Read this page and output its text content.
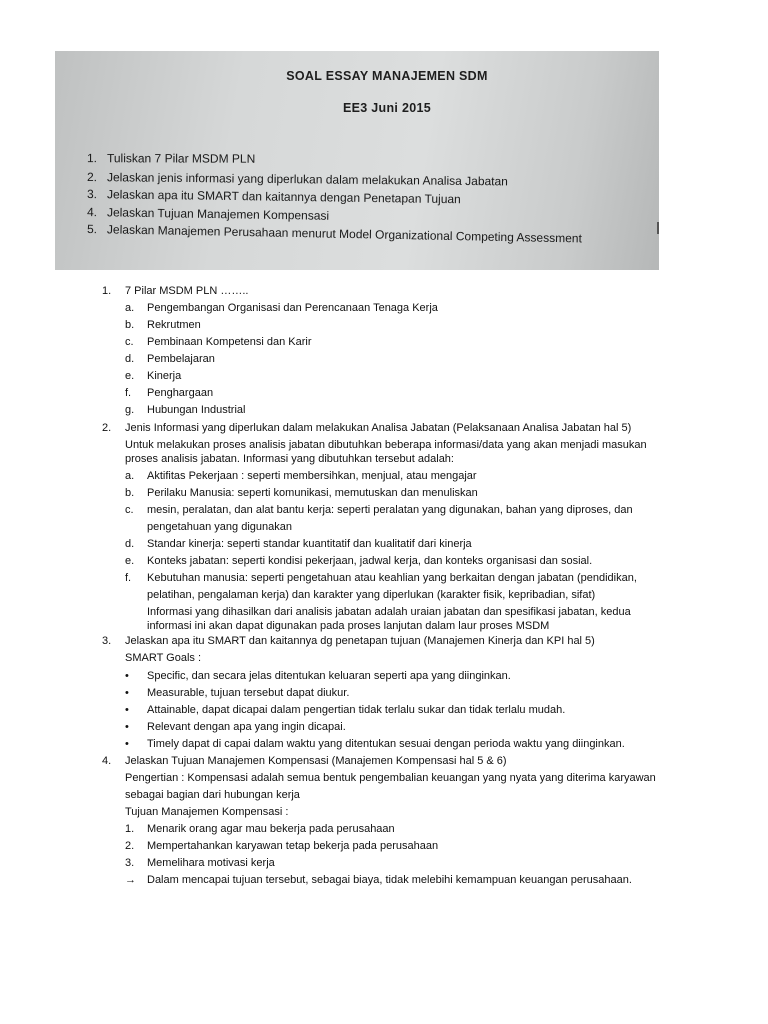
SOAL ESSAY MANAJEMEN SDM
EE3 Juni 2015
1. Tuliskan 7 Pilar MSDM PLN
2. Jelaskan jenis informasi yang diperlukan dalam melakukan Analisa Jabatan
3. Jelaskan apa itu SMART dan kaitannya dengan Penetapan Tujuan
4. Jelaskan Tujuan Manajemen Kompensasi
5. Jelaskan Manajemen Perusahaan menurut Model Organizational Competing Assessment
1. 7 Pilar MSDM PLN ……..
a. Pengembangan Organisasi dan Perencanaan Tenaga Kerja
b. Rekrutmen
c. Pembinaan Kompetensi dan Karir
d. Pembelajaran
e. Kinerja
f. Penghargaan
g. Hubungan Industrial
2. Jenis Informasi yang diperlukan dalam melakukan Analisa Jabatan (Pelaksanaan Analisa Jabatan hal 5)
Untuk melakukan proses analisis jabatan dibutuhkan beberapa informasi/data yang akan menjadi masukan
proses analisis jabatan. Informasi yang dibutuhkan tersebut adalah:
a. Aktifitas Pekerjaan : seperti membersihkan, menjual, atau mengajar
b. Perilaku Manusia: seperti komunikasi, memutuskan dan menuliskan
c. mesin, peralatan, dan alat bantu kerja: seperti peralatan yang digunakan, bahan yang diproses, dan
pengetahuan yang digunakan
d. Standar kinerja: seperti standar kuantitatif dan kualitatif dari kinerja
e. Konteks jabatan: seperti kondisi pekerjaan, jadwal kerja, dan konteks organisasi dan sosial.
f. Kebutuhan manusia: seperti pengetahuan atau keahlian yang berkaitan dengan jabatan (pendidikan,
pelatihan, pengalaman kerja) dan karakter yang diperlukan (karakter fisik, kepribadian, sifat)
Informasi yang dihasilkan dari analisis jabatan adalah uraian jabatan dan spesifikasi jabatan, kedua
informasi ini akan dapat digunakan pada proses lanjutan dalam laur proses MSDM
3. Jelaskan apa itu SMART dan kaitannya dg penetapan tujuan (Manajemen Kinerja dan KPI hal 5)
SMART Goals :
• Specific, dan secara jelas ditentukan keluaran seperti apa yang diinginkan.
• Measurable, tujuan tersebut dapat diukur.
• Attainable, dapat dicapai dalam pengertian tidak terlalu sukar dan tidak terlalu mudah.
• Relevant dengan apa yang ingin dicapai.
• Timely dapat di capai dalam waktu yang ditentukan sesuai dengan perioda waktu yang diinginkan.
4. Jelaskan Tujuan Manajemen Kompensasi (Manajemen Kompensasi hal 5 & 6)
Pengertian : Kompensasi adalah semua bentuk pengembalian keuangan yang nyata yang diterima karyawan
sebagai bagian dari hubungan kerja
Tujuan Manajemen Kompensasi :
1. Menarik orang agar mau bekerja pada perusahaan
2. Mempertahankan karyawan tetap bekerja pada perusahaan
3. Memelihara motivasi kerja
→ Dalam mencapai tujuan tersebut, sebagai biaya, tidak melebihi kemampuan keuangan perusahaan.
